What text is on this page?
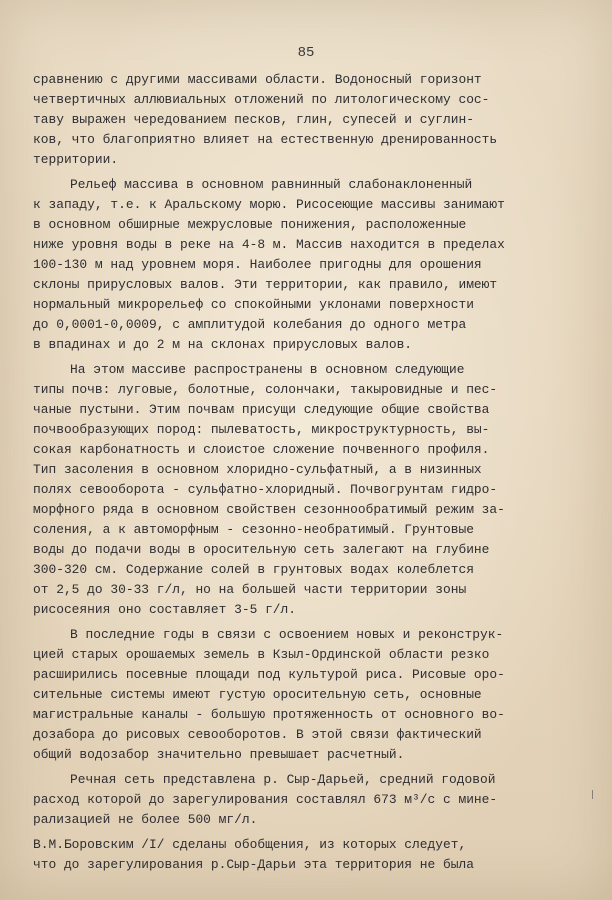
85
сравнению с другими массивами области. Водоносный горизонт
четвертичных аллювиальных отложений по литологическому сос-
таву выражен чередованием песков, глин, супесей и суглин-
ков, что благоприятно влияет на естественную дренированность
территории.
Рельеф массива в основном равнинный слабонаклоненный
к западу, т.е. к Аральскому морю. Рисосеющие массивы занимают
в основном обширные межрусловые понижения, расположенные
ниже уровня воды в реке на 4-8 м. Массив находится в пределах
100-130 м над уровнем моря. Наиболее пригодны для орошения
склоны прирусловых валов. Эти территории, как правило, имеют
нормальный микрорельеф со спокойными уклонами поверхности
до 0,0001-0,0009, с амплитудой колебания до одного метра
в впадинах и до 2 м на склонах прирусловых валов.
На этом массиве распространены в основном следующие
типы почв: луговые, болотные, солончаки, такыровидные и пес-
чаные пустыни. Этим почвам присущи следующие общие свойства
почвообразующих пород: пылеватость, микроструктурность, вы-
сокая карбонатность и слоистое сложение почвенного профиля.
Тип засоления в основном хлоридно-сульфатный, а в низинных
полях севооборота - сульфатно-хлоридный. Почвогрунтам гидро-
морфного ряда в основном свойствен сезоннообратимый режим за-
соления, а к автоморфным - сезонно-необратимый. Грунтовые
воды до подачи воды в оросительную сеть залегают на глубине
300-320 см. Содержание солей в грунтовых водах колеблется
от 2,5 до 30-33 г/л, но на большей части территории зоны
рисосеяния оно составляет 3-5 г/л.
В последние годы в связи с освоением новых и реконструк-
цией старых орошаемых земель в Кзыл-Ординской области резко
расширились посевные площади под культурой риса. Рисовые оро-
сительные системы имеют густую оросительную сеть, основные
магистральные каналы - большую протяженность от основного во-
дозабора до рисовых севооборотов. В этой связи фактический
общий водозабор значительно превышает расчетный.
Речная сеть представлена р. Сыр-Дарьей, средний годовой
расход которой до зарегулирования составлял 673 м³/с с мине-
рализацией не более 500 мг/л.
В.М.Боровским /I/ сделаны обобщения, из которых следует,
что до зарегулирования р.Сыр-Дарьи эта территория не была
